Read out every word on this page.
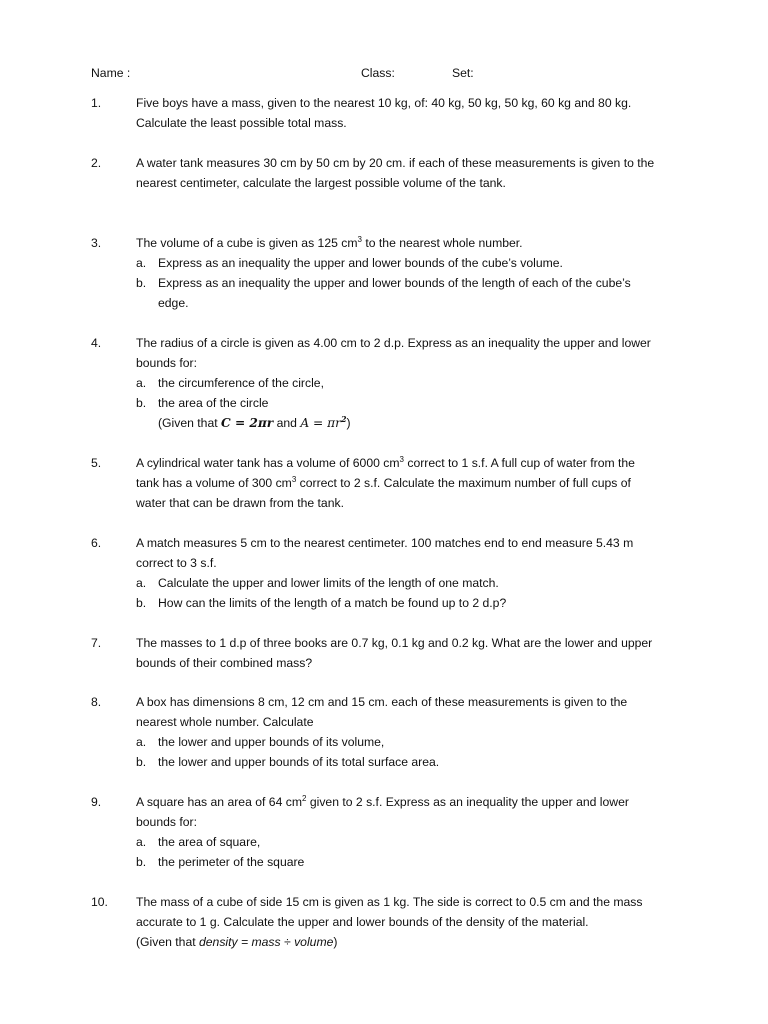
Name :	Class:	Set:
1.	Five boys have a mass, given to the nearest 10 kg, of: 40 kg, 50 kg, 50 kg, 60 kg and 80 kg.
Calculate the least possible total mass.
2.	A water tank measures 30 cm by 50 cm by 20 cm. if each of these measurements is given to the
nearest centimeter, calculate the largest possible volume of the tank.
3.	The volume of a cube is given as 125 $cm^3$ to the nearest whole number.
a. Express as an inequality the upper and lower bounds of the cube’s volume.
b. Express as an inequality the upper and lower bounds of the length of each of the cube’s
edge.
4.	The radius of a circle is given as 4.00 cm to 2 d.p. Express as an inequality the upper and lower
bounds for:
a. the circumference of the circle,
b. the area of the circle
(Given that C = 2πr and $A = \pi r^2$)
5.	A cylindrical water tank has a volume of 6000 $cm^3$ correct to 1 s.f. A full cup of water from the
tank has a volume of 300 $cm^3$ correct to 2 s.f. Calculate the maximum number of full cups of
water that can be drawn from the tank.
6.	A match measures 5 cm to the nearest centimeter. 100 matches end to end measure 5.43 m
correct to 3 s.f.
a. Calculate the upper and lower limits of the length of one match.
b. How can the limits of the length of a match be found up to 2 d.p?
7.	The masses to 1 d.p of three books are 0.7 kg, 0.1 kg and 0.2 kg. What are the lower and upper
bounds of their combined mass?
8.	A box has dimensions 8 cm, 12 cm and 15 cm. each of these measurements is given to the
nearest whole number. Calculate
a. the lower and upper bounds of its volume,
b. the lower and upper bounds of its total surface area.
9.	A square has an area of 64 $cm^2$ given to 2 s.f. Express as an inequality the upper and lower
bounds for:
a. the area of square,
b. the perimeter of the square
10. The mass of a cube of side 15 cm is given as 1 kg. The side is correct to 0.5 cm and the mass
accurate to 1 g. Calculate the upper and lower bounds of the density of the material.
(Given that density = mass ÷ volume)
